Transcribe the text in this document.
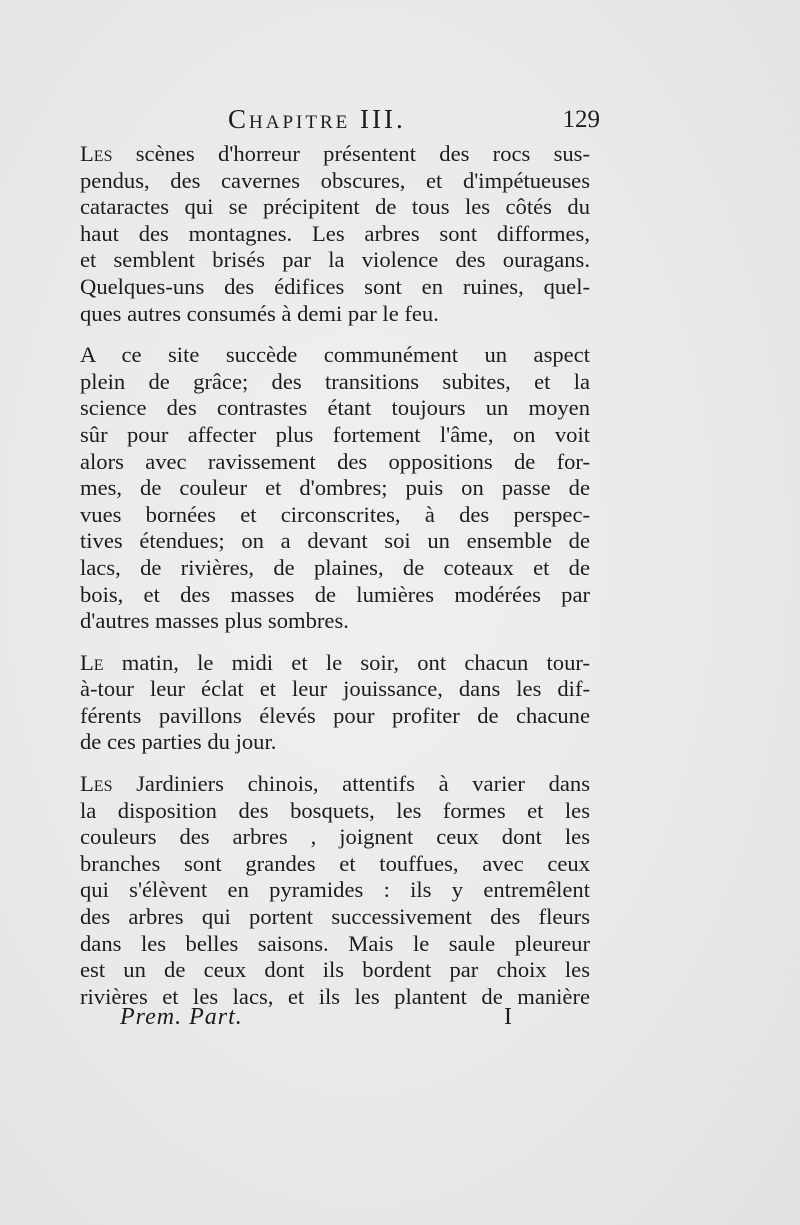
Chapitre III.	129
Les scènes d'horreur présentent des rocs sus-
pendus, des cavernes obscures, et d'impétueuses
cataractes qui se précipitent de tous les côtés du
haut des montagnes. Les arbres sont difformes,
et semblent brisés par la violence des ouragans.
Quelques-uns des édifices sont en ruines, quel-
ques autres consumés à demi par le feu.
A ce site succède communément un aspect
plein de grâce; des transitions subites, et la
science des contrastes étant toujours un moyen
sûr pour affecter plus fortement l'âme, on voit
alors avec ravissement des oppositions de for-
mes, de couleur et d'ombres; puis on passe de
vues bornées et circonscrites, à des perspec-
tives étendues; on a devant soi un ensemble de
lacs, de rivières, de plaines, de coteaux et de
bois, et des masses de lumières modérées par
d'autres masses plus sombres.
Le matin, le midi et le soir, ont chacun tour-
à-tour leur éclat et leur jouissance, dans les dif-
férents pavillons élevés pour profiter de chacune
de ces parties du jour.
Les Jardiniers chinois, attentifs à varier dans
la disposition des bosquets, les formes et les
couleurs des arbres , joignent ceux dont les
branches sont grandes et touffues, avec ceux
qui s'élèvent en pyramides : ils y entremêlent
des arbres qui portent successivement des fleurs
dans les belles saisons. Mais le saule pleureur
est un de ceux dont ils bordent par choix les
rivières et les lacs, et ils les plantent de manière
Prem. Part.	I
